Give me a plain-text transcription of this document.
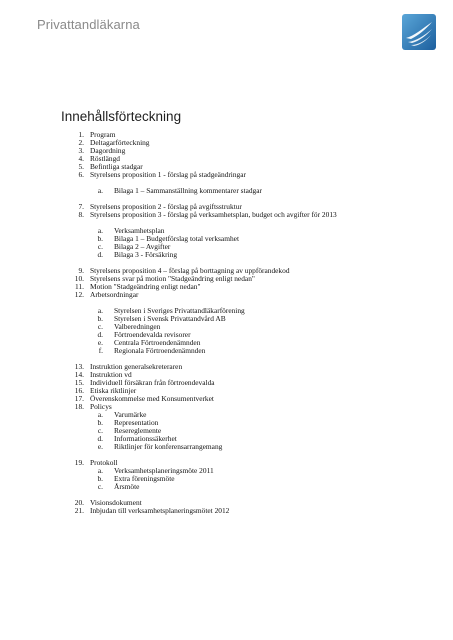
Privattandläkarna
Innehållsförteckning
1. Program
2. Deltagarförteckning
3. Dagordning
4. Röstlängd
5. Befintliga stadgar
6. Styrelsens proposition 1 - förslag på stadgeändringar
a. Bilaga 1 – Sammanställning kommentarer stadgar
7. Styrelsens proposition 2 - förslag på avgiftsstruktur
8. Styrelsens proposition 3 - förslag på verksamhetsplan, budget och avgifter för 2013
a. Verksamhetsplan
b. Bilaga 1 – Budgetförslag total verksamhet
c. Bilaga 2 – Avgifter
d. Bilaga 3 - Försäkring
9. Styrelsens proposition 4 – förslag på borttagning av uppförandekod
10. Styrelsens svar på motion "Stadgeändring enligt nedan"
11. Motion "Stadgeändring enligt nedan"
12. Arbetsordningar
a. Styrelsen i Sveriges Privattandläkarförening
b. Styrelsen i Svensk Privattandvård AB
c. Valberedningen
d. Förtroendevalda revisorer
e. Centrala Förtroendenämnden
f. Regionala Förtroendenämnden
13. Instruktion generalsekreteraren
14. Instruktion vd
15. Individuell försäkran från förtroendevalda
16. Etiska riktlinjer
17. Överenskommelse med Konsumentverket
18. Policys
a. Varumärke
b. Representation
c. Resereglemente
d. Informationssäkerhet
e. Riktlinjer för konferensarrangemang
19. Protokoll
a. Verksamhetsplaneringsmöte 2011
b. Extra föreningsmöte
c. Årsmöte
20. Visionsdokument
21. Inbjudan till verksamhetsplaneringsmötet 2012
